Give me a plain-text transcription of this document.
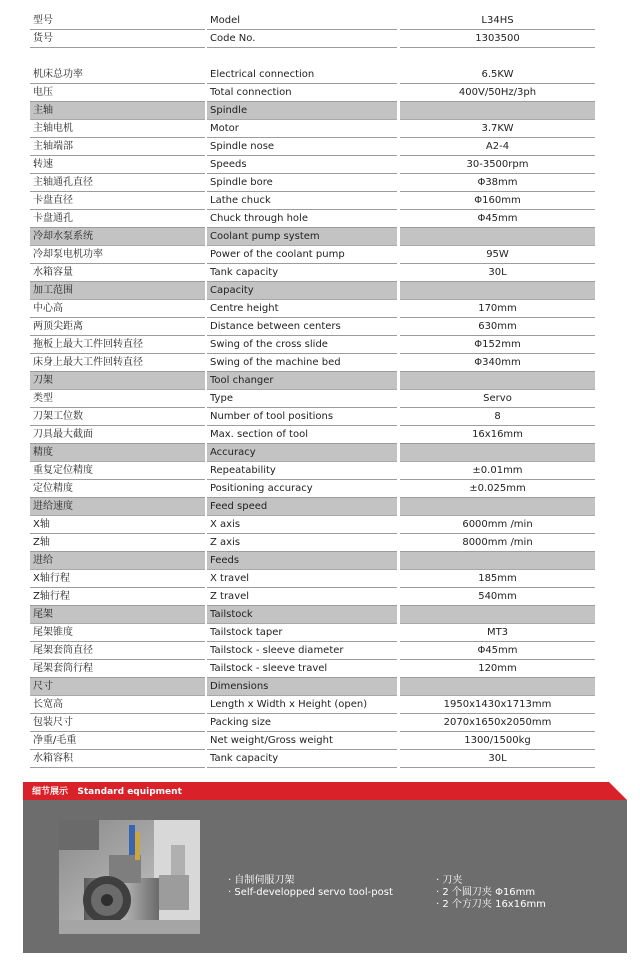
型号	Model	L34HS
货号	Code No.	1303500
机床总功率	Electrical connection	6.5KW
电压	Total connection	400V/50Hz/3ph
主轴	Spindle
主轴电机	Motor	3.7KW
主轴端部	Spindle nose	A2-4
转速	Speeds	30-3500rpm
主轴通孔直径	Spindle bore	Φ38mm
卡盘直径	Lathe chuck	Φ160mm
卡盘通孔	Chuck through hole	Φ45mm
冷却水泵系统	Coolant pump system
冷却泵电机功率	Power of the coolant pump	95W
水箱容量	Tank capacity	30L
加工范围	Capacity
中心高	Centre height	170mm
两顶尖距离	Distance between centers	630mm
拖板上最大工件回转直径	Swing of the cross slide	Φ152mm
床身上最大工件回转直径	Swing of the machine bed	Φ340mm
刀架	Tool changer
类型	Type	Servo
刀架工位数	Number of tool positions	8
刀具最大截面	Max. section of tool	16x16mm
精度	Accuracy
重复定位精度	Repeatability	±0.01mm
定位精度	Positioning accuracy	±0.025mm
进给速度	Feed speed
X轴	X axis	6000mm /min
Z轴	Z axis	8000mm /min
进给	Feeds
X轴行程	X travel	185mm
Z轴行程	Z travel	540mm
尾架	Tailstock
尾架锥度	Tailstock taper	MT3
尾架套筒直径	Tailstock - sleeve diameter	Φ45mm
尾架套筒行程	Tailstock - sleeve travel	120mm
尺寸	Dimensions
长宽高	Length x Width x Height (open)	1950x1430x1713mm
包装尺寸	Packing size	2070x1650x2050mm
净重/毛重	Net weight/Gross weight	1300/1500kg
水箱容积	Tank capacity	30L
细节展示   Standard equipment
· 自制伺服刀架
· Self-developped servo tool-post
· 刀夹
· 2 个圆刀夹 Φ16mm
· 2 个方刀夹 16x16mm
